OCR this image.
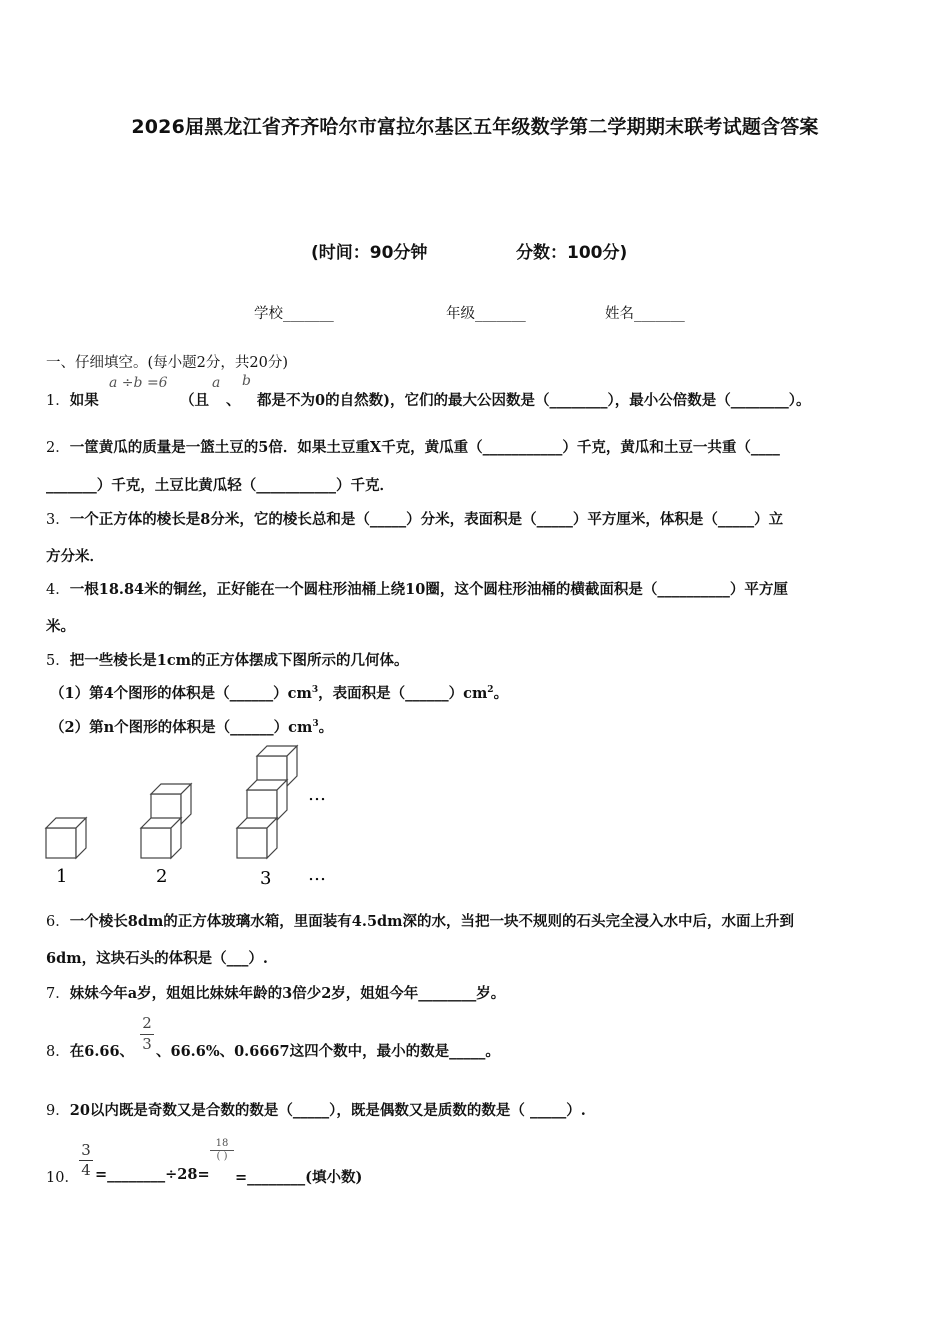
2026届黑龙江省齐齐哈尔市富拉尔基区五年级数学第二学期期末联考试题含答案
(时间：90分钟	分数：100分)
学校_______	年级_______	姓名_______
一、仔细填空。(每小题2分，共20分)
1．如果
a ÷b =6
（且
a
、
b
都是不为0的自然数)，它们的最大公因数是（________），最小公倍数是（________）。
2．一筐黄瓜的质量是一篮土豆的5倍．如果土豆重X千克，黄瓜重（___________）千克，黄瓜和土豆一共重（____
_______）千克，土豆比黄瓜轻（___________）千克．
3．一个正方体的棱长是8分米，它的棱长总和是（_____）分米，表面积是（_____）平方厘米，体积是（_____）立
方分米．
4．一根18.84米的铜丝，正好能在一个圆柱形油桶上绕10圈，这个圆柱形油桶的横截面积是（__________）平方厘
米。
5．把一些棱长是1cm的正方体摆成下图所示的几何体。
（1）第4个图形的体积是$(\_\_\_\_\_\_)cm^3$，表面积是$(\_\_\_\_\_\_)cm^2$。
（2）第n个图形的体积是$(\_\_\_\_\_\_)cm^3$。
1	2	3
…
…
6．一个棱长8dm的正方体玻璃水箱，里面装有4.5dm深的水，当把一块不规则的石头完全浸入水中后，水面上升到
6dm，这块石头的体积是（___）.
7．妹妹今年a岁，姐姐比妹妹年龄的3倍少2岁，姐姐今年________岁。
8．在6.66、
2
3 、66.6%、0.6667这四个数中，最小的数是_____。
9．20以内既是奇数又是合数的数是（_____），既是偶数又是质数的数是（ _____）.
10．
3
4 =________÷28=
18
( )
=________(填小数)
